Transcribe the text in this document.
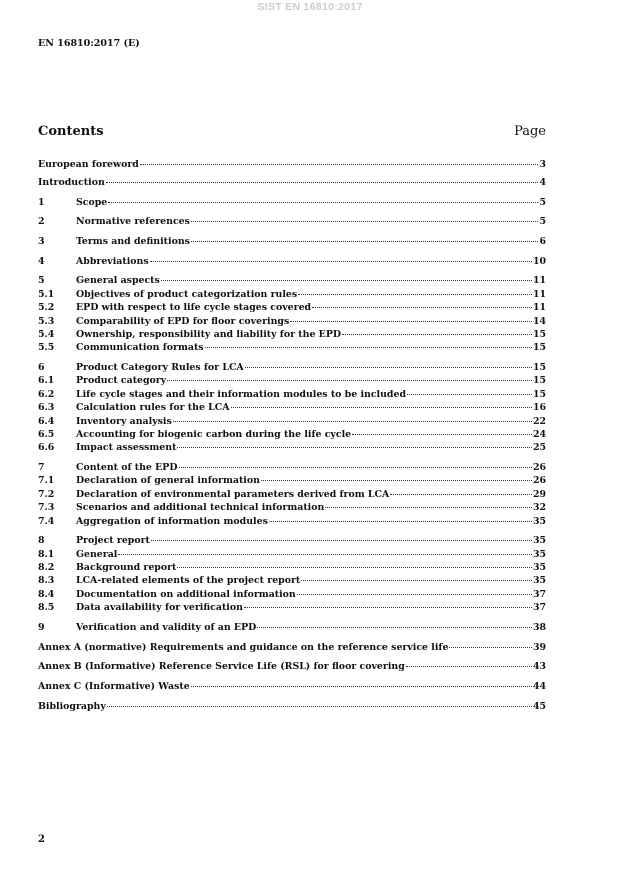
SIST EN 16810:2017
EN 16810:2017 (E)
Contents	Page
European foreword	3
Introduction	4
1	Scope	5
2	Normative references	5
3	Terms and definitions	6
4	Abbreviations	10
5	General aspects	11
5.1	Objectives of product categorization rules	11
5.2	EPD with respect to life cycle stages covered	11
5.3	Comparability of EPD for floor coverings	14
5.4	Ownership, responsibility and liability for the EPD	15
5.5	Communication formats	15
6	Product Category Rules for LCA	15
6.1	Product category	15
6.2	Life cycle stages and their information modules to be included	15
6.3	Calculation rules for the LCA	16
6.4	Inventory analysis	22
6.5	Accounting for biogenic carbon during the life cycle	24
6.6	Impact assessment	25
7	Content of the EPD	26
7.1	Declaration of general information	26
7.2	Declaration of environmental parameters derived from LCA	29
7.3	Scenarios and additional technical information	32
7.4	Aggregation of information modules	35
8	Project report	35
8.1	General	35
8.2	Background report	35
8.3	LCA-related elements of the project report	35
8.4	Documentation on additional information	37
8.5	Data availability for verification	37
9	Verification and validity of an EPD	38
Annex A (normative) Requirements and guidance on the reference service life	39
Annex B (Informative) Reference Service Life (RSL) for floor covering	43
Annex C (Informative) Waste	44
Bibliography	45
2
